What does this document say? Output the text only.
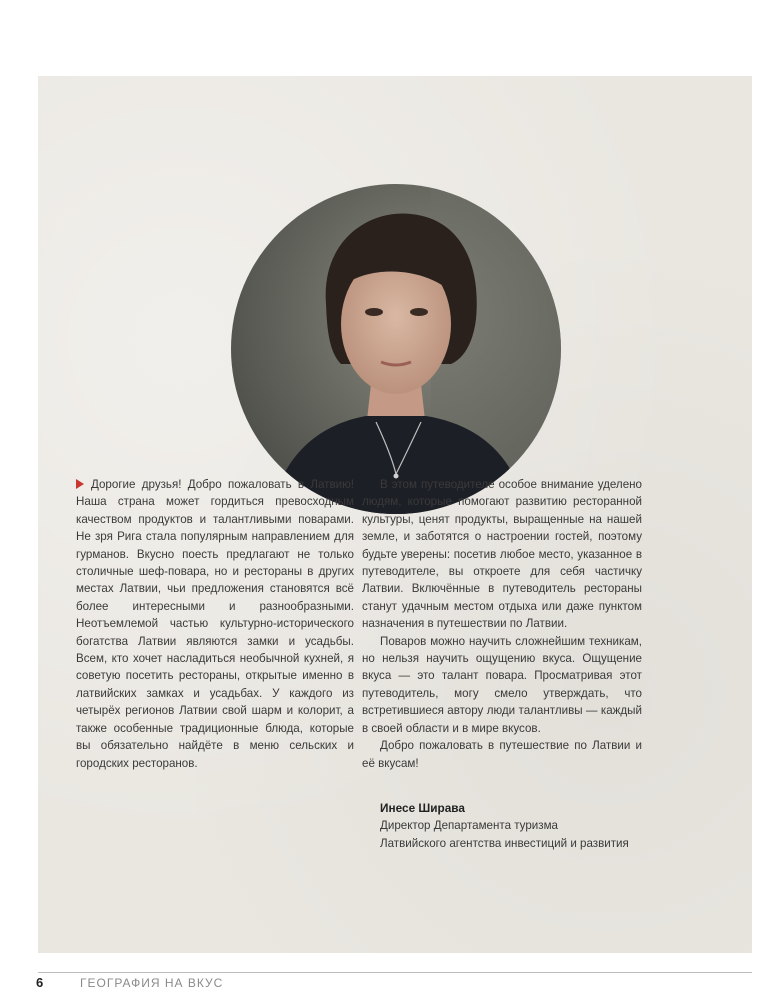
Дорогие друзья! Добро пожаловать в Латвию! Наша страна может гордиться превосходным качеством продуктов и талантливыми поварами. Не зря Рига стала популярным направлением для гурманов. Вкусно поесть предлагают не только столичные шеф-повара, но и рестораны в других местах Латвии, чьи предложения становятся всё более интересными и разнообразными. Неотъемлемой частью культурно-исторического богатства Латвии являются замки и усадьбы. Всем, кто хочет насладиться необычной кухней, я советую посетить рестораны, открытые именно в латвийских замках и усадьбах. У каждого из четырёх регионов Латвии свой шарм и колорит, а также особенные традиционные блюда, которые вы обязательно найдёте в меню сельских и городских ресторанов.

В этом путеводителе особое внимание уделено людям, которые помогают развитию ресторанной культуры, ценят продукты, выращенные на нашей земле, и заботятся о настроении гостей, поэтому будьте уверены: посетив любое место, указанное в путеводителе, вы откроете для себя частичку Латвии. Включённые в путеводитель рестораны станут удачным местом отдыха или даже пунктом назначения в путешествии по Латвии.

Поваров можно научить сложнейшим техникам, но нельзя научить ощущению вкуса. Ощущение вкуса — это талант повара. Просматривая этот путеводитель, могу смело утверждать, что встретившиеся автору люди талантливы — каждый в своей области и в мире вкусов.

Добро пожаловать в путешествие по Латвии и её вкусам!

Инесе Ширава
Директор Департамента туризма
Латвийского агентства инвестиций и развития
6	ГЕОГРАФИЯ НА ВКУС
